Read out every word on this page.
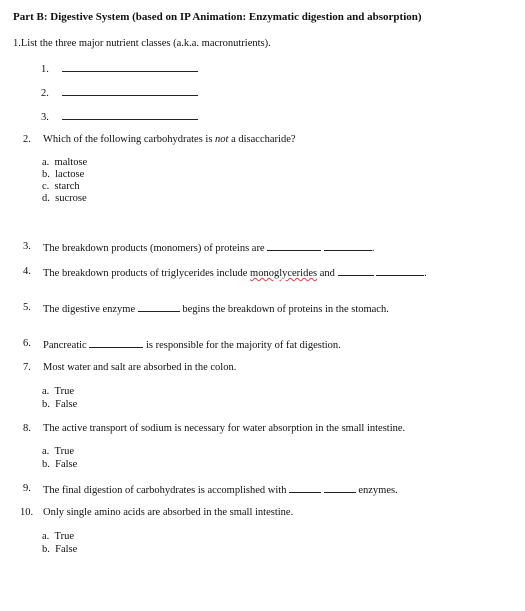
Part B: Digestive System (based on IP Animation: Enzymatic digestion and absorption)
1.List the three major nutrient classes (a.k.a. macronutrients).
1.
2.
3.
2. Which of the following carbohydrates is not a disaccharide?
a. maltose
b. lactose
c. starch
d. sucrose
3. The breakdown products (monomers) of proteins are	.
4. The breakdown products of triglycerides include monoglycerides and	.
5. The digestive enzyme	begins the breakdown of proteins in the stomach.
6. Pancreatic	is responsible for the majority of fat digestion.
7. Most water and salt are absorbed in the colon.
a. True
b. False
8. The active transport of sodium is necessary for water absorption in the small intestine.
a. True
b. False
9. The final digestion of carbohydrates is accomplished with	enzymes.
10. Only single amino acids are absorbed in the small intestine.
a. True
b. False
